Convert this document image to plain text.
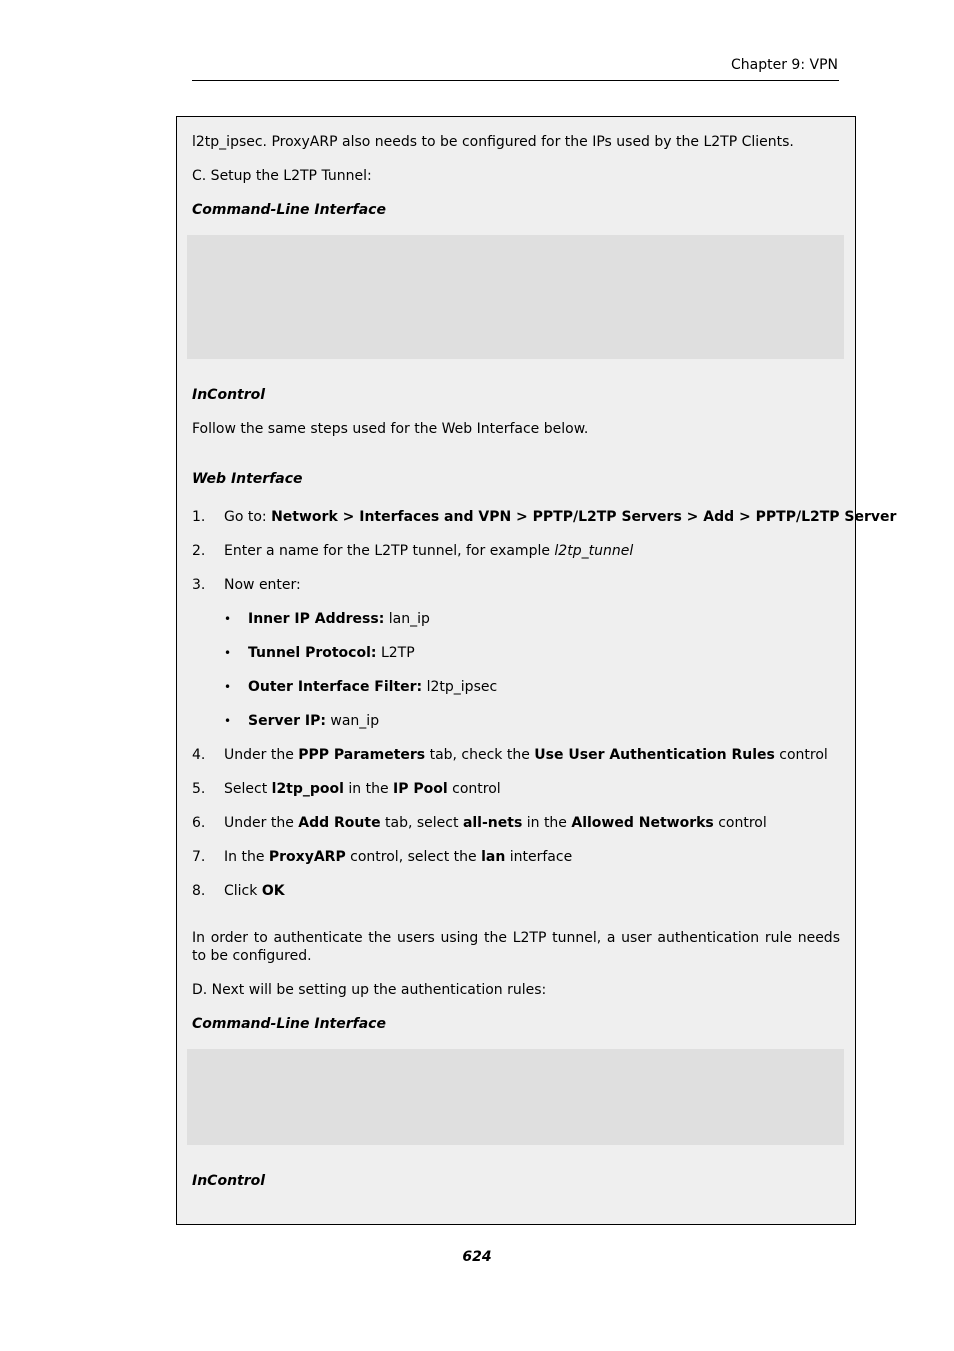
Chapter 9: VPN
l2tp_ipsec. ProxyARP also needs to be configured for the IPs used by the L2TP Clients.
C. Setup the L2TP Tunnel:
Command-Line Interface
InControl
Follow the same steps used for the Web Interface below.
Web Interface
1. Go to: Network > Interfaces and VPN > PPTP/L2TP Servers > Add > PPTP/L2TP Server
2. Enter a name for the L2TP tunnel, for example l2tp_tunnel
3. Now enter:
• Inner IP Address: lan_ip
• Tunnel Protocol: L2TP
• Outer Interface Filter: l2tp_ipsec
• Server IP: wan_ip
4. Under the PPP Parameters tab, check the Use User Authentication Rules control
5. Select l2tp_pool in the IP Pool control
6. Under the Add Route tab, select all-nets in the Allowed Networks control
7. In the ProxyARP control, select the lan interface
8. Click OK
In order to authenticate the users using the L2TP tunnel, a user authentication rule needs to be configured.
D. Next will be setting up the authentication rules:
Command-Line Interface
InControl
624
